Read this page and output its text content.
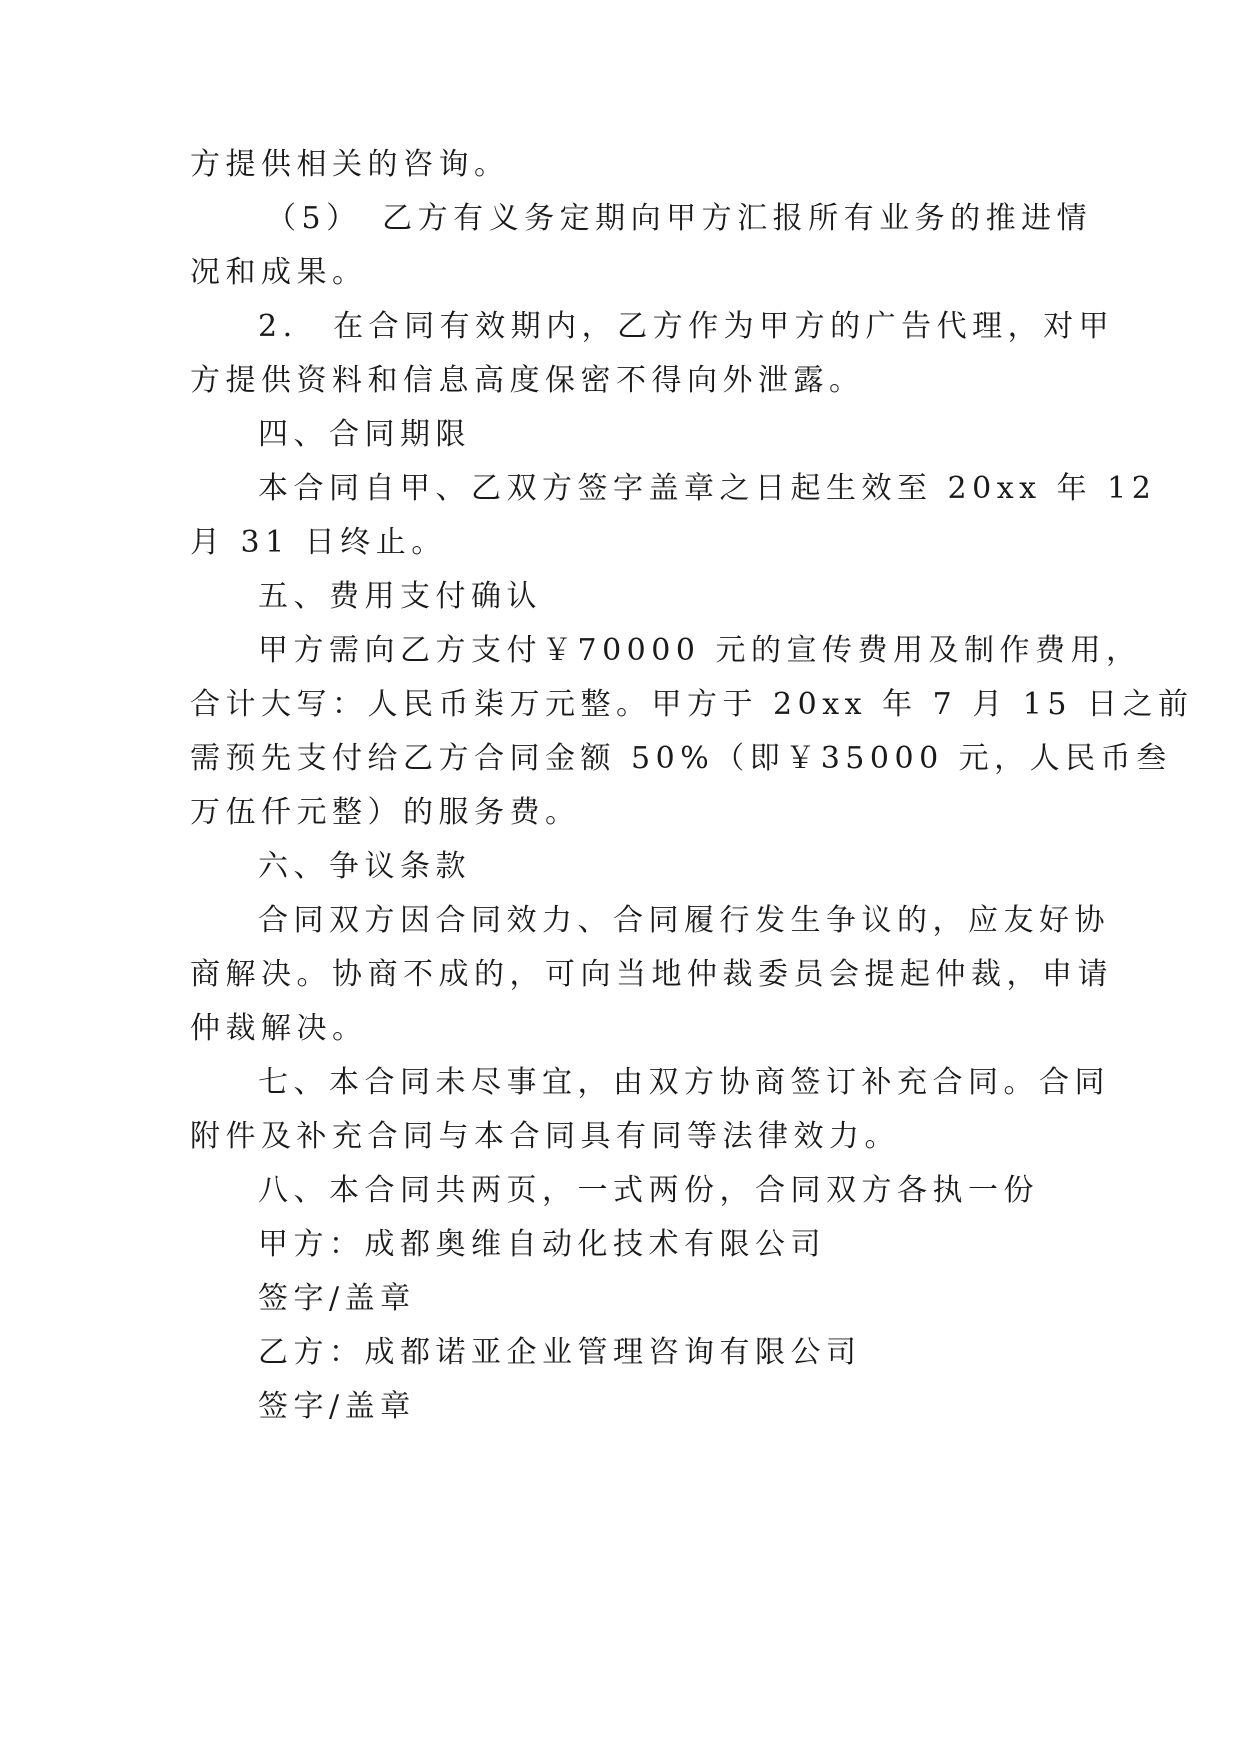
方提供相关的咨询。
（5）　乙方有义务定期向甲方汇报所有业务的推进情
况和成果。
2.　在合同有效期内，乙方作为甲方的广告代理，对甲
方提供资料和信息高度保密不得向外泄露。
四、合同期限
本合同自甲、乙双方签字盖章之日起生效至 20xx 年 12
月 31 日终止。
五、费用支付确认
甲方需向乙方支付￥70000 元的宣传费用及制作费用，
合计大写：人民币柒万元整。甲方于 20xx 年 7 月 15 日之前
需预先支付给乙方合同金额 50%（即￥35000 元，人民币叁
万伍仟元整）的服务费。
六、争议条款
合同双方因合同效力、合同履行发生争议的，应友好协
商解决。协商不成的，可向当地仲裁委员会提起仲裁，申请
仲裁解决。
七、本合同未尽事宜，由双方协商签订补充合同。合同
附件及补充合同与本合同具有同等法律效力。
八、本合同共两页，一式两份，合同双方各执一份
甲方：成都奥维自动化技术有限公司
签字/盖章
乙方：成都诺亚企业管理咨询有限公司
签字/盖章
